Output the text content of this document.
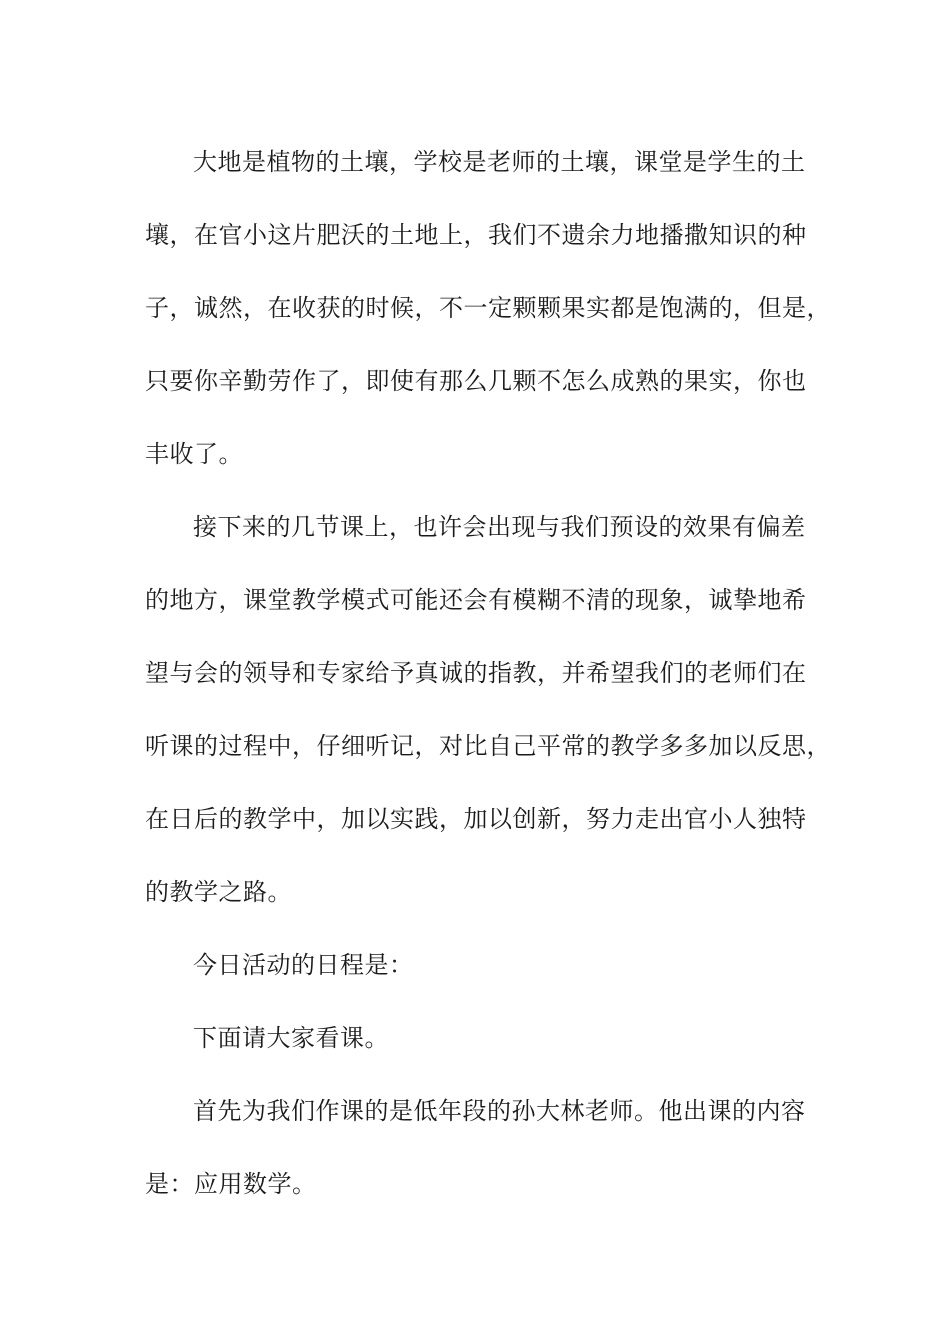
大地是植物的土壤，学校是老师的土壤，课堂是学生的土
壤，在官小这片肥沃的土地上，我们不遗余力地播撒知识的种
子，诚然，在收获的时候，不一定颗颗果实都是饱满的，但是，
只要你辛勤劳作了，即使有那么几颗不怎么成熟的果实，你也
丰收了。
接下来的几节课上，也许会出现与我们预设的效果有偏差
的地方，课堂教学模式可能还会有模糊不清的现象，诚挚地希
望与会的领导和专家给予真诚的指教，并希望我们的老师们在
听课的过程中，仔细听记，对比自己平常的教学多多加以反思，
在日后的教学中，加以实践，加以创新，努力走出官小人独特
的教学之路。
今日活动的日程是：
下面请大家看课。
首先为我们作课的是低年段的孙大林老师。他出课的内容
是：应用数学。
